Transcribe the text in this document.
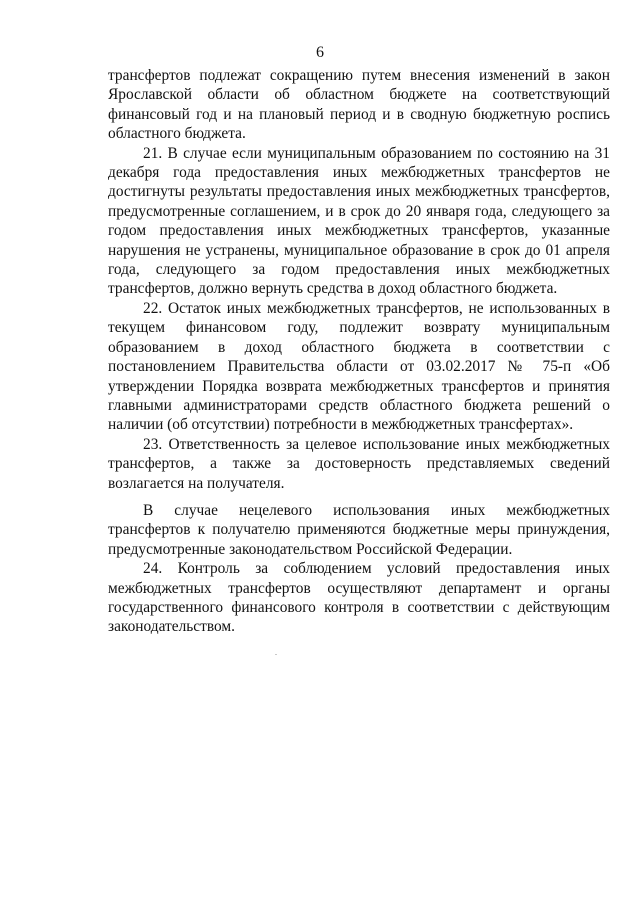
6

трансфертов подлежат сокращению путем внесения изменений в закон Ярославской области об областном бюджете на соответствующий финансовый год и на плановый период и в сводную бюджетную роспись областного бюджета.

21. В случае если муниципальным образованием по состоянию на 31 декабря года предоставления иных межбюджетных трансфертов не достигнуты результаты предоставления иных межбюджетных трансфертов, предусмотренные соглашением, и в срок до 20 января года, следующего за годом предоставления иных межбюджетных трансфертов, указанные нарушения не устранены, муниципальное образование в срок до 01 апреля года, следующего за годом предоставления иных межбюджетных трансфертов, должно вернуть средства в доход областного бюджета.

22. Остаток иных межбюджетных трансфертов, не использованных в текущем финансовом году, подлежит возврату муниципальным образованием в доход областного бюджета в соответствии с постановлением Правительства области от 03.02.2017 № 75-п «Об утверждении Порядка возврата межбюджетных трансфертов и принятия главными администраторами средств областного бюджета решений о наличии (об отсутствии) потребности в межбюджетных трансфертах».

23. Ответственность за целевое использование иных межбюджетных трансфертов, а также за достоверность представляемых сведений возлагается на получателя.

В случае нецелевого использования иных межбюджетных трансфертов к получателю применяются бюджетные меры принуждения, предусмотренные законодательством Российской Федерации.

24. Контроль за соблюдением условий предоставления иных межбюджетных трансфертов осуществляют департамент и органы государственного финансового контроля в соответствии с действующим законодательством.
